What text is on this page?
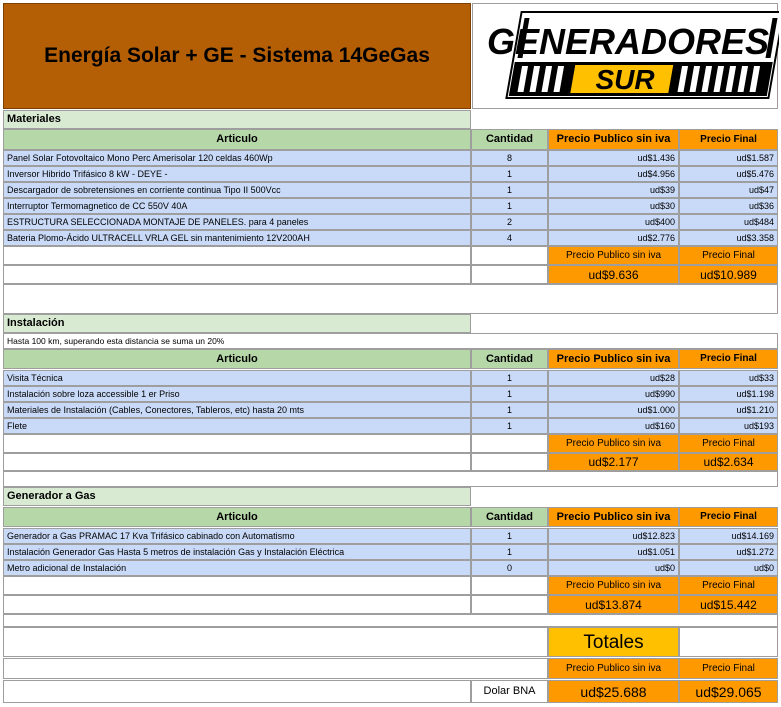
Energía Solar + GE - Sistema 14GeGas GENERADORES
SUR
Materiales
Articulo	Cantidad	Precio Publico sin iva	Precio Final
Panel Solar Fotovoltaico Mono Perc Amerisolar 120 celdas 460Wp	8	ud$1.436	ud$1.587
Inversor Hibrido Trifásico 8 kW - DEYE -	1	ud$4.956	ud$5.476
Descargador de sobretensiones en corriente continua Tipo II 500Vcc	1	ud$39	ud$47
Interruptor Termomagnetico de CC 550V 40A	1	ud$30	ud$36
ESTRUCTURA SELECCIONADA MONTAJE DE PANELES. para 4 paneles	2	ud$400	ud$484
Bateria Plomo-Ácido ULTRACELL VRLA GEL sin mantenimiento 12V200AH	4	ud$2.776	ud$3.358
Precio Publico sin iva	Precio Final
ud$9.636	ud$10.989
Instalación
Hasta 100 km, superando esta distancia se suma un 20%
Articulo	Cantidad	Precio Publico sin iva	Precio Final
Visita Técnica	1	ud$28	ud$33
Instalación sobre loza accessible 1 er Priso	1	ud$990	ud$1.198
Materiales de Instalación (Cables, Conectores, Tableros, etc) hasta 20 mts	1	ud$1.000	ud$1.210
Flete	1	ud$160	ud$193
Precio Publico sin iva	Precio Final
ud$2.177	ud$2.634
Generador a Gas
Articulo	Cantidad	Precio Publico sin iva	Precio Final
Generador a Gas PRAMAC 17 Kva Trifásico cabinado con Automatismo	1	ud$12.823	ud$14.169
Instalación Generador Gas Hasta 5 metros de instalación Gas y Instalación Eléctrica	1	ud$1.051	ud$1.272
Metro adicional de Instalación	0	ud$0	ud$0
Precio Publico sin iva	Precio Final
ud$13.874	ud$15.442
Totales
Precio Publico sin iva	Precio Final
Dolar BNA	ud$25.688	ud$29.065
